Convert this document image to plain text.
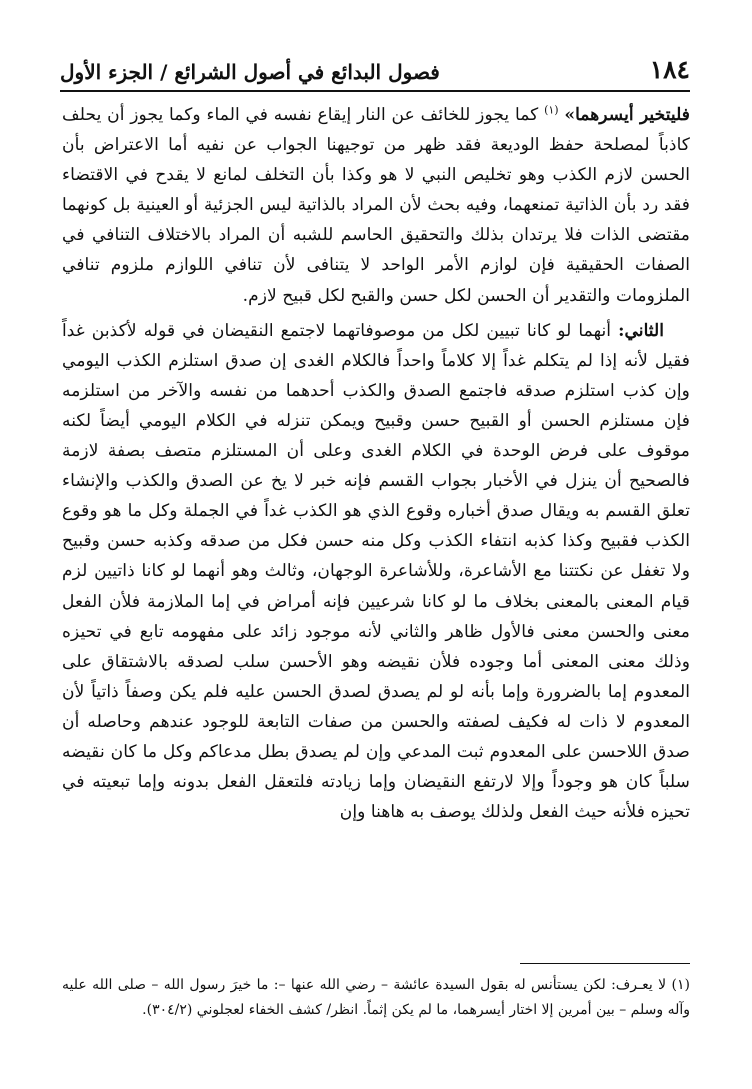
١٨٤
فصول البدائع في أصول الشرائع / الجزء الأول

فليتخير أيسرهما» $^{(١)}$ كما يجوز للخائف عن النار إيقاع نفسه في الماء وكما يجوز أن يحلف كاذباً لمصلحة حفظ الوديعة فقد ظهر من توجيهنا الجواب عن نفيه أما الاعتراض بأن الحسن لازم الكذب وهو تخليص النبي لا هو وكذا بأن التخلف لمانع لا يقدح في الاقتضاء فقد رد بأن الذاتية تمنعهما، وفيه بحث لأن المراد بالذاتية ليس الجزئية أو العينية بل كونهما مقتضى الذات فلا يرتدان بذلك والتحقيق الحاسم للشبه أن المراد بالاختلاف التنافي في الصفات الحقيقية فإن لوازم الأمر الواحد لا يتنافى لأن تنافي اللوازم ملزوم تنافي الملزومات والتقدير أن الحسن لكل حسن والقبح لكل قبيح لازم.

الثاني: أنهما لو كانا تبيين لكل من موصوفاتهما لاجتمع النقيضان في قوله لأكذبن غداً فقيل لأنه إذا لم يتكلم غداً إلا كلاماً واحداً فالكلام الغدى إن صدق استلزم الكذب اليومي وإن كذب استلزم صدقه فاجتمع الصدق والكذب أحدهما من نفسه والآخر من استلزمه فإن مستلزم الحسن أو القبيح حسن وقبيح ويمكن تنزله في الكلام اليومي أيضاً لكنه موقوف على فرض الوحدة في الكلام الغدى وعلى أن المستلزم متصف بصفة لازمة فالصحيح أن ينزل في الأخبار بجواب القسم فإنه خبر لا يخ عن الصدق والكذب والإنشاء تعلق القسم به ويقال صدق أخباره وقوع الذي هو الكذب غداً في الجملة وكل ما هو وقوع الكذب فقبيح وكذا كذبه انتفاء الكذب وكل منه حسن فكل من صدقه وكذبه حسن وقبيح ولا تغفل عن نكتتنا مع الأشاعرة، وللأشاعرة الوجهان، وثالث وهو أنهما لو كانا ذاتيين لزم قيام المعنى بالمعنى بخلاف ما لو كانا شرعيين فإنه أمراض في إما الملازمة فلأن الفعل معنى والحسن معنى فالأول ظاهر والثاني لأنه موجود زائد على مفهومه تابع في تحيزه وذلك معنى المعنى أما وجوده فلأن نقيضه وهو الأحسن سلب لصدقه بالاشتقاق على المعدوم إما بالضرورة وإما بأنه لو لم يصدق لصدق الحسن عليه فلم يكن وصفاً ذاتياً لأن المعدوم لا ذات له فكيف لصفته والحسن من صفات التابعة للوجود عندهم وحاصله أن صدق اللاحسن على المعدوم ثبت المدعي وإن لم يصدق بطل مدعاكم وكل ما كان نقيضه سلباً كان هو وجوداً وإلا لارتفع النقيضان وإما زيادته فلتعقل الفعل بدونه وإما تبعيته في تحيزه فلأنه حيث الفعل ولذلك يوصف به هاهنا وإن

(١) لا يعـرف: لكن يستأنس له بقول السيدة عائشة – رضي الله عنها –: ما خيرَ رسول الله – صلى الله عليه وآله وسلم – بين أمرين إلا اختار أيسرهما، ما لم يكن إثماً. انظر/ كشف الخفاء لعجلوني (٣٠٤/٢).
